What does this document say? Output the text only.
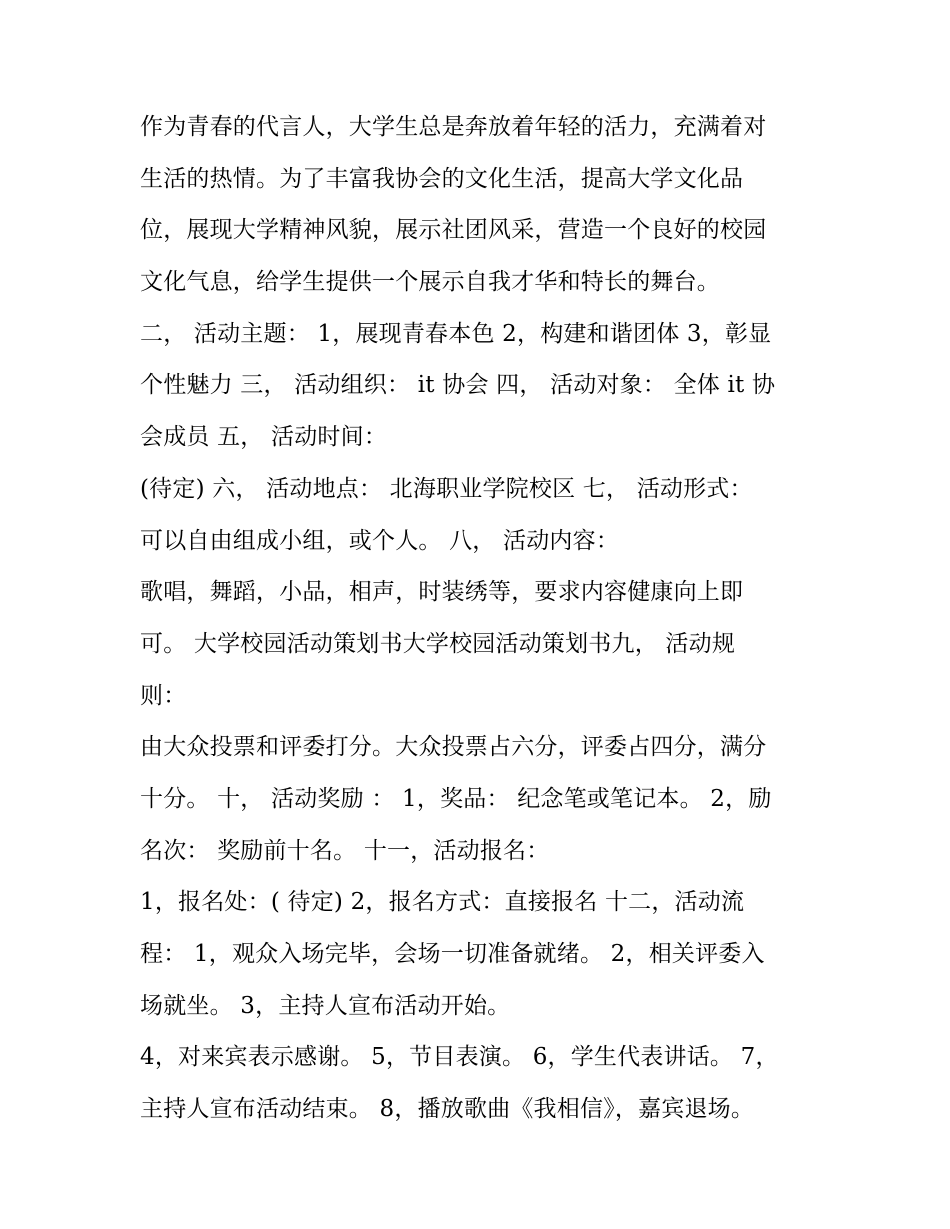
作为青春的代言人，大学生总是奔放着年轻的活力，充满着对
生活的热情。为了丰富我协会的文化生活，提高大学文化品
位，展现大学精神风貌，展示社团风采，营造一个良好的校园
文化气息，给学生提供一个展示自我才华和特长的舞台。
二， 活动主题： 1，展现青春本色 2，构建和谐团体 3，彰显
个性魅力 三， 活动组织： it 协会 四， 活动对象： 全体 it 协
会成员 五， 活动时间：
(待定) 六， 活动地点： 北海职业学院校区 七， 活动形式：
可以自由组成小组，或个人。 八， 活动内容：
歌唱，舞蹈，小品，相声，时装绣等，要求内容健康向上即
可。 大学校园活动策划书大学校园活动策划书九， 活动规
则：
由大众投票和评委打分。大众投票占六分，评委占四分，满分
十分。 十， 活动奖励 ： 1，奖品： 纪念笔或笔记本。 2，励
名次： 奖励前十名。 十一，活动报名：
1，报名处：( 待定) 2，报名方式：直接报名 十二，活动流
程： 1，观众入场完毕，会场一切准备就绪。 2，相关评委入
场就坐。 3，主持人宣布活动开始。
4，对来宾表示感谢。 5，节目表演。 6，学生代表讲话。 7，
主持人宣布活动结束。 8，播放歌曲《我相信》，嘉宾退场。
